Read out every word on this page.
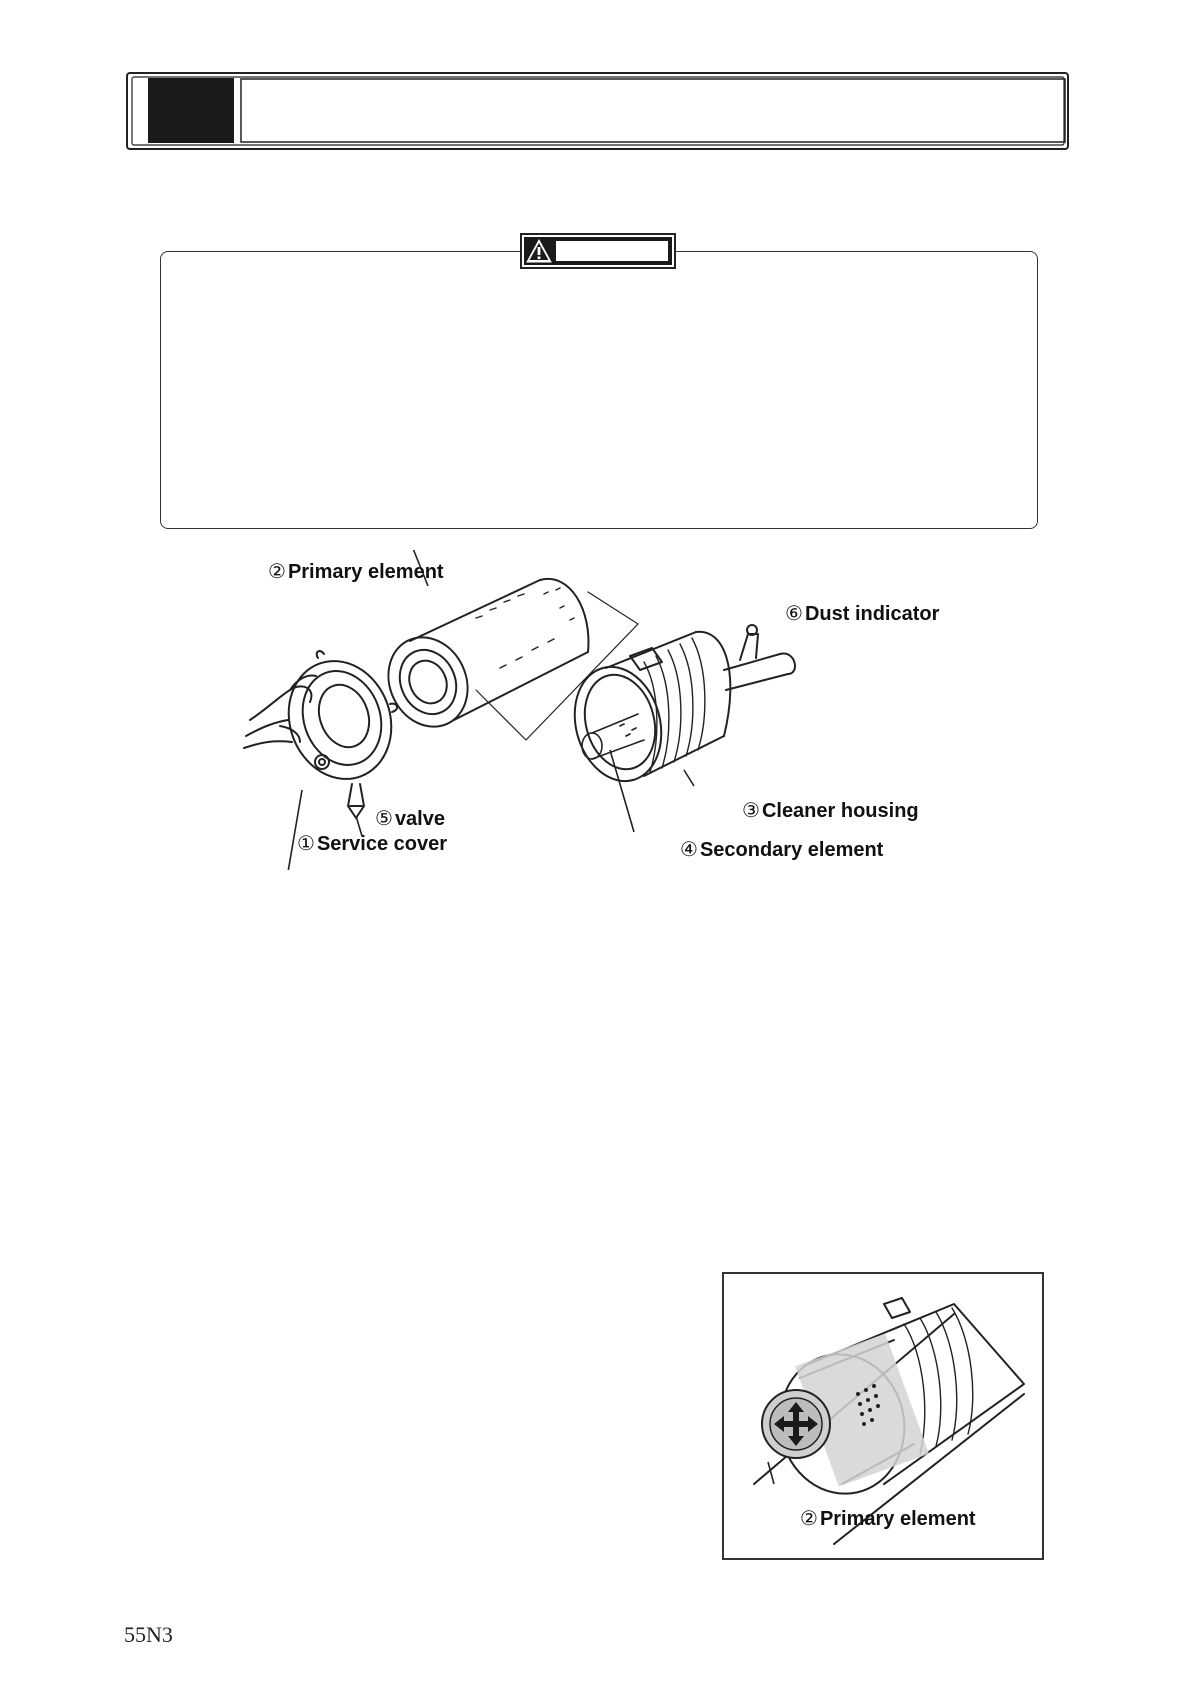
② Primary element
⑥ Dust indicator
⑤ valve
① Service cover
③ Cleaner housing
④ Secondary element
② Primary element
55N3
